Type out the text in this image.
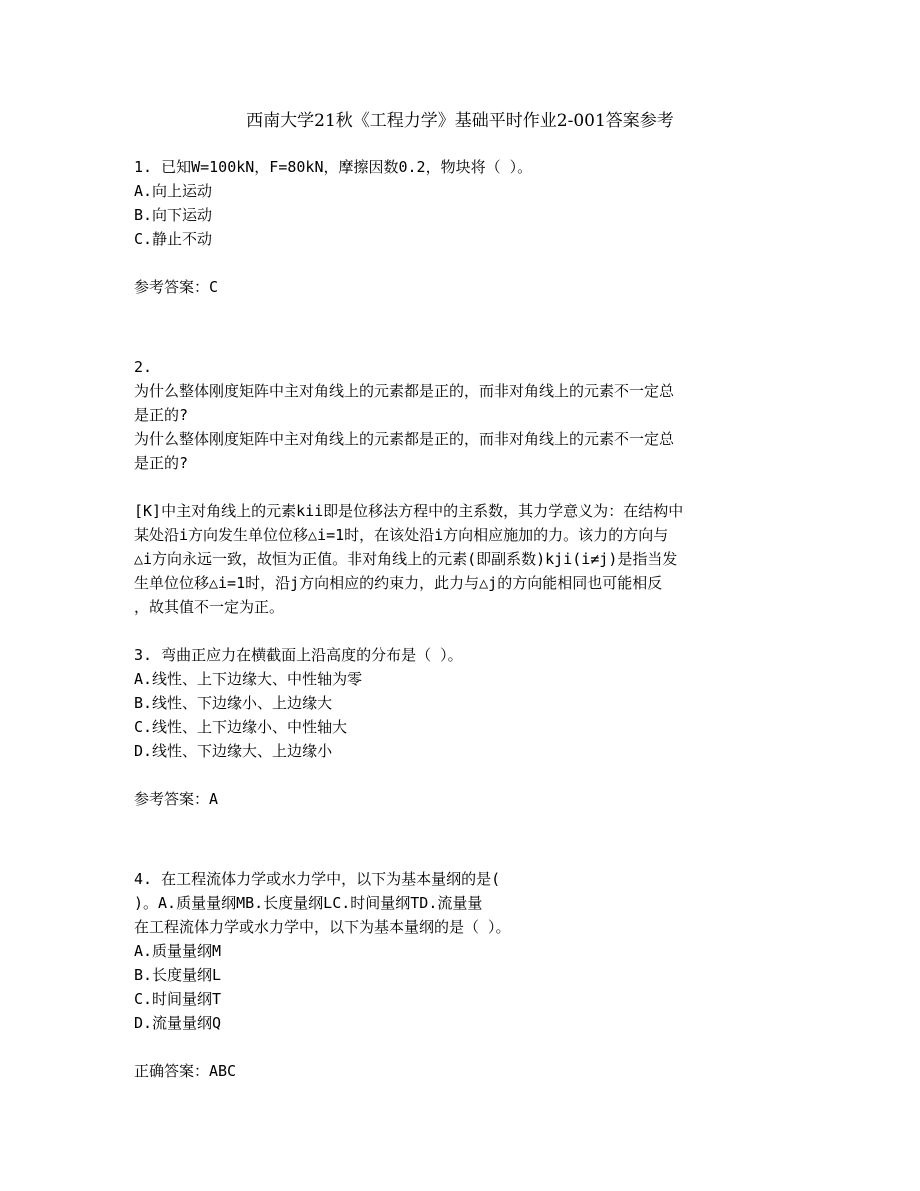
西南大学21秋《工程力学》基础平时作业2-001答案参考
1. 已知W=100kN，F=80kN，摩擦因数0.2，物块将（ ）。
A.向上运动
B.向下运动
C.静止不动
参考答案：C
2.
为什么整体刚度矩阵中主对角线上的元素都是正的，而非对角线上的元素不一定总
是正的?
为什么整体刚度矩阵中主对角线上的元素都是正的，而非对角线上的元素不一定总
是正的?
[K]中主对角线上的元素kii即是位移法方程中的主系数，其力学意义为：在结构中
某处沿i方向发生单位位移△i=1时，在该处沿i方向相应施加的力。该力的方向与
△i方向永远一致，故恒为正值。非对角线上的元素(即副系数)kji(i≠j)是指当发
生单位位移△i=1时，沿j方向相应的约束力，此力与△j的方向能相同也可能相反
，故其值不一定为正。
3. 弯曲正应力在横截面上沿高度的分布是（ ）。
A.线性、上下边缘大、中性轴为零
B.线性、下边缘小、上边缘大
C.线性、上下边缘小、中性轴大
D.线性、下边缘大、上边缘小
参考答案：A
4. 在工程流体力学或水力学中，以下为基本量纲的是(
)。A.质量量纲MB.长度量纲LC.时间量纲TD.流量量
在工程流体力学或水力学中，以下为基本量纲的是（ ）。
A.质量量纲M
B.长度量纲L
C.时间量纲T
D.流量量纲Q
正确答案：ABC
